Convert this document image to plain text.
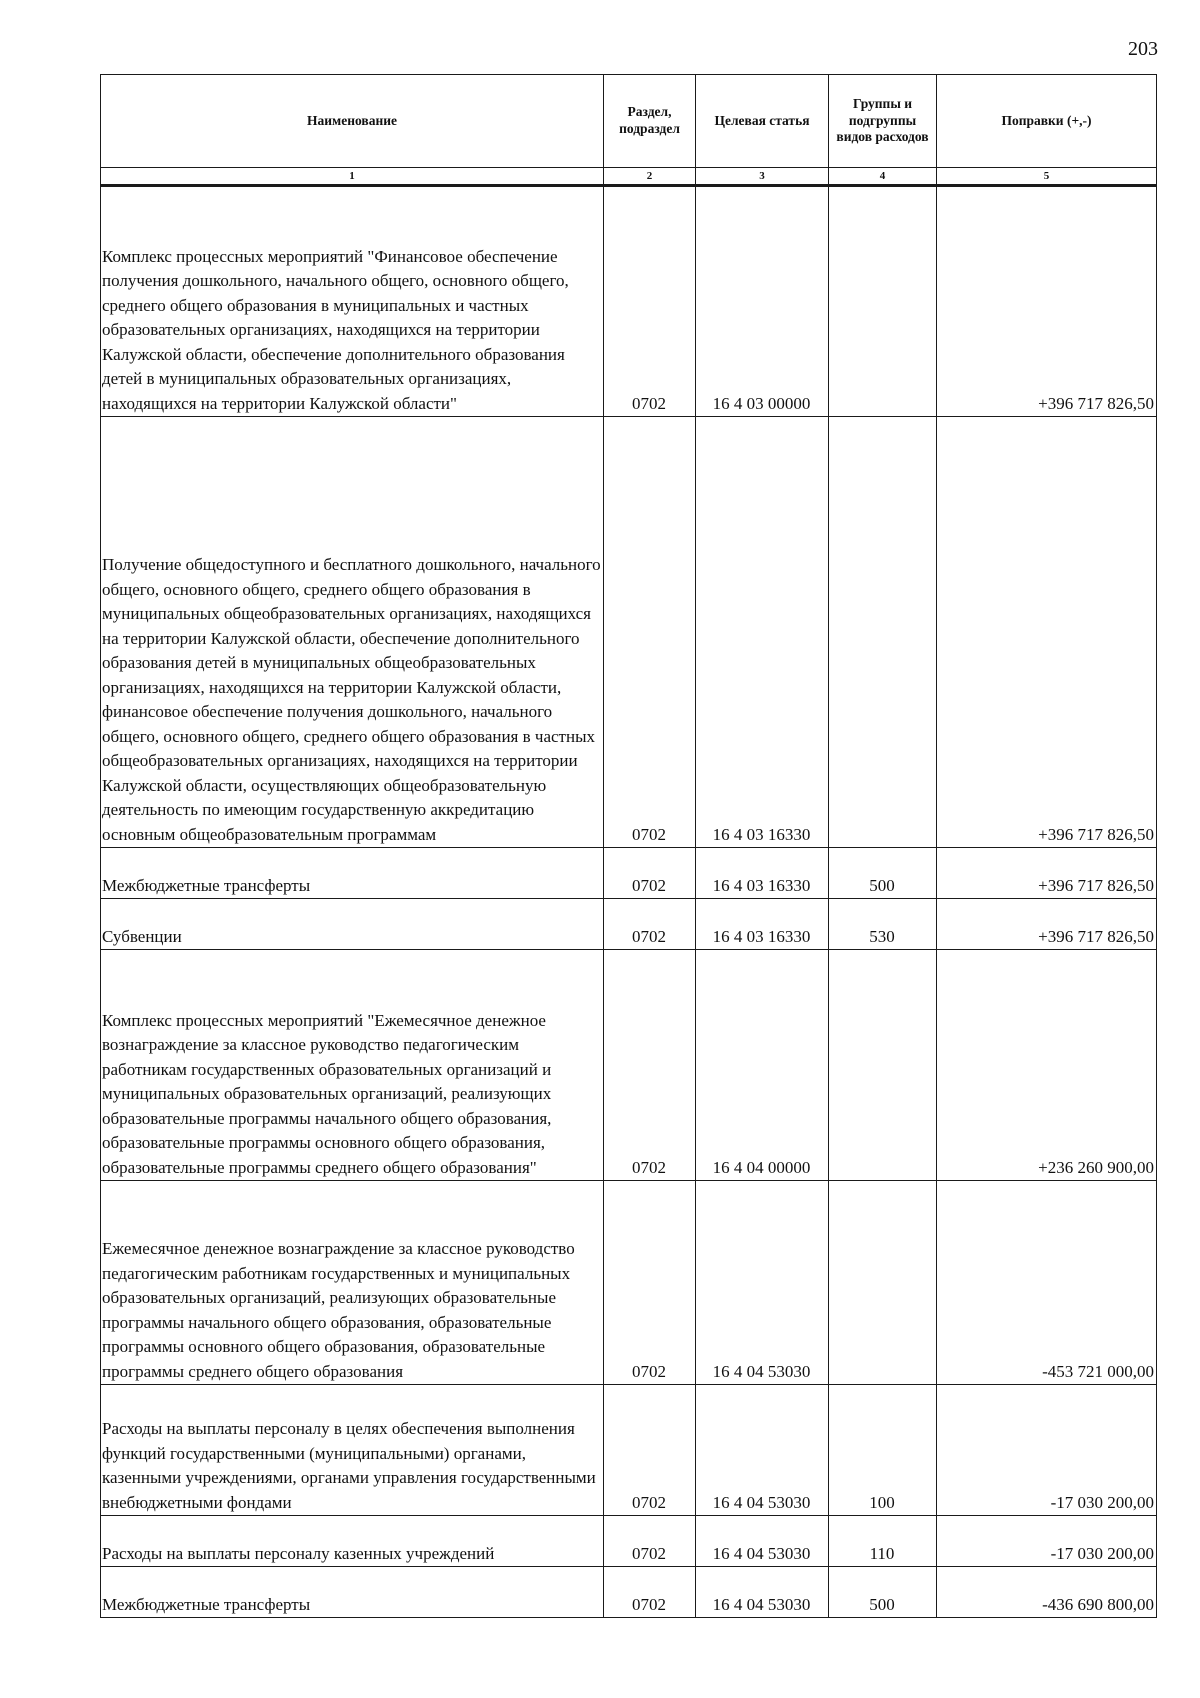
203
Наименование	Раздел, подраздел	Целевая статья	Группы и подгруппы видов расходов	Поправки (+,-)
1	2	3	4	5
Комплекс процессных мероприятий "Финансовое обеспечение получения дошкольного, начального общего, основного общего, среднего общего образования в муниципальных и частных образовательных организациях, находящихся на территории Калужской области, обеспечение дополнительного образования детей в муниципальных образовательных организациях, находящихся на территории Калужской области"	0702	16 4 03 00000		+396 717 826,50
Получение общедоступного и бесплатного дошкольного, начального общего, основного общего, среднего общего образования в муниципальных общеобразовательных организациях, находящихся на территории Калужской области, обеспечение дополнительного образования детей в муниципальных общеобразовательных организациях, находящихся на территории Калужской области, финансовое обеспечение получения дошкольного, начального общего, основного общего, среднего общего образования в частных общеобразовательных организациях, находящихся на территории Калужской области, осуществляющих общеобразовательную деятельность по имеющим государственную аккредитацию основным общеобразовательным программам	0702	16 4 03 16330		+396 717 826,50
Межбюджетные трансферты	0702	16 4 03 16330	500	+396 717 826,50
Субвенции	0702	16 4 03 16330	530	+396 717 826,50
Комплекс процессных мероприятий "Ежемесячное денежное вознаграждение за классное руководство педагогическим работникам государственных образовательных организаций и муниципальных образовательных организаций, реализующих образовательные программы начального общего образования, образовательные программы основного общего образования, образовательные программы среднего общего образования"	0702	16 4 04 00000		+236 260 900,00
Ежемесячное денежное вознаграждение за классное руководство педагогическим работникам государственных и муниципальных образовательных организаций, реализующих образовательные программы начального общего образования, образовательные программы основного общего образования, образовательные программы среднего общего образования	0702	16 4 04 53030		-453 721 000,00
Расходы на выплаты персоналу в целях обеспечения выполнения функций государственными (муниципальными) органами, казенными учреждениями, органами управления государственными внебюджетными фондами	0702	16 4 04 53030	100	-17 030 200,00
Расходы на выплаты персоналу казенных учреждений	0702	16 4 04 53030	110	-17 030 200,00
Межбюджетные трансферты	0702	16 4 04 53030	500	-436 690 800,00
